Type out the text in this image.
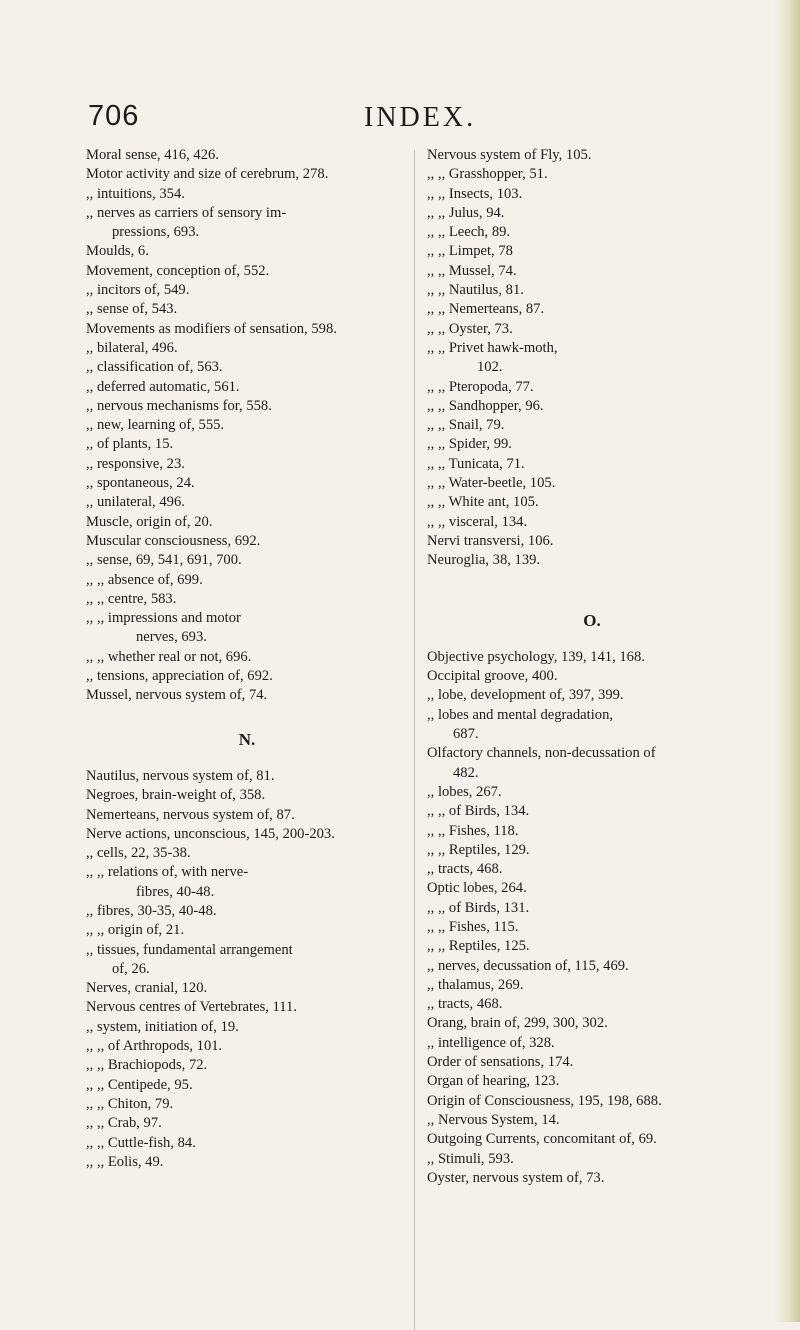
706	INDEX.
Moral sense, 416, 426.
Motor activity and size of cerebrum, 278.
,, intuitions, 354.
,, nerves as carriers of sensory im-
pressions, 693.
Moulds, 6.
Movement, conception of, 552.
,, incitors of, 549.
,, sense of, 543.
Movements as modifiers of sensation, 598.
,, bilateral, 496.
,, classification of, 563.
,, deferred automatic, 561.
,, nervous mechanisms for, 558.
,, new, learning of, 555.
,, of plants, 15.
,, responsive, 23.
,, spontaneous, 24.
,, unilateral, 496.
Muscle, origin of, 20.
Muscular consciousness, 692.
,, sense, 69, 541, 691, 700.
,, ,, absence of, 699.
,, ,, centre, 583.
,, ,, impressions and motor
nerves, 693.
,, ,, whether real or not, 696.
,, tensions, appreciation of, 692.
Mussel, nervous system of, 74.
N.
Nautilus, nervous system of, 81.
Negroes, brain-weight of, 358.
Nemerteans, nervous system of, 87.
Nerve actions, unconscious, 145, 200-203.
,, cells, 22, 35-38.
,, ,, relations of, with nerve-
fibres, 40-48.
,, fibres, 30-35, 40-48.
,, ,, origin of, 21.
,, tissues, fundamental arrangement
of, 26.
Nerves, cranial, 120.
Nervous centres of Vertebrates, 111.
,, system, initiation of, 19.
,, ,, of Arthropods, 101.
,, ,, Brachiopods, 72.
,, ,, Centipede, 95.
,, ,, Chiton, 79.
,, ,, Crab, 97.
,, ,, Cuttle-fish, 84.
,, ,, Eolis, 49.
Nervous system of Fly, 105.
,, ,, Grasshopper, 51.
,, ,, Insects, 103.
,, ,, Julus, 94.
,, ,, Leech, 89.
,, ,, Limpet, 78
,, ,, Mussel, 74.
,, ,, Nautilus, 81.
,, ,, Nemerteans, 87.
,, ,, Oyster, 73.
,, ,, Privet hawk-moth,
102.
,, ,, Pteropoda, 77.
,, ,, Sandhopper, 96.
,, ,, Snail, 79.
,, ,, Spider, 99.
,, ,, Tunicata, 71.
,, ,, Water-beetle, 105.
,, ,, White ant, 105.
,, ,, visceral, 134.
Nervi transversi, 106.
Neuroglia, 38, 139.
O.
Objective psychology, 139, 141, 168.
Occipital groove, 400.
,, lobe, development of, 397, 399.
,, lobes and mental degradation,
687.
Olfactory channels, non-decussation of
482.
,, lobes, 267.
,, ,, of Birds, 134.
,, ,, Fishes, 118.
,, ,, Reptiles, 129.
,, tracts, 468.
Optic lobes, 264.
,, ,, of Birds, 131.
,, ,, Fishes, 115.
,, ,, Reptiles, 125.
,, nerves, decussation of, 115, 469.
,, thalamus, 269.
,, tracts, 468.
Orang, brain of, 299, 300, 302.
,, intelligence of, 328.
Order of sensations, 174.
Organ of hearing, 123.
Origin of Consciousness, 195, 198, 688.
,, Nervous System, 14.
Outgoing Currents, concomitant of, 69.
,, Stimuli, 593.
Oyster, nervous system of, 73.
